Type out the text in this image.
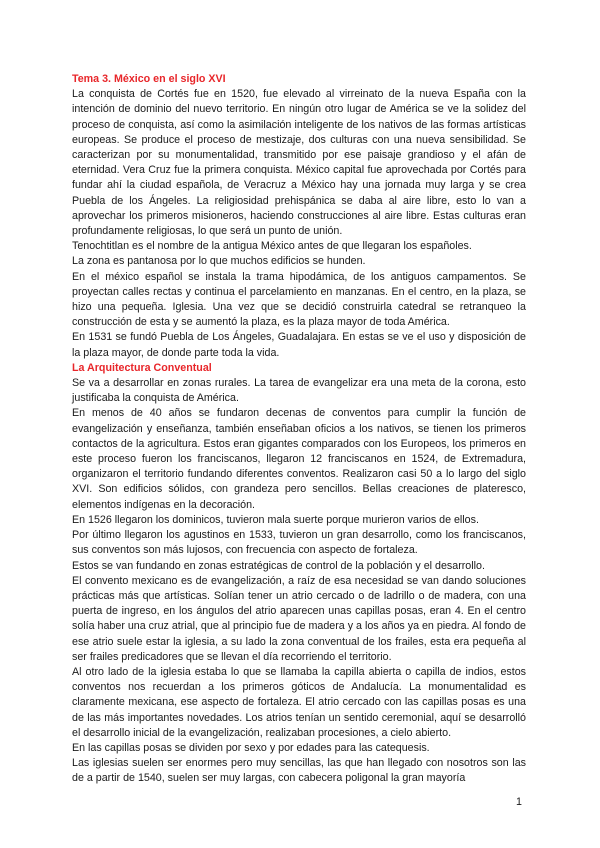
Tema 3. México en el siglo XVI

La conquista de Cortés fue en 1520, fue elevado al virreinato de la nueva España con la intención de dominio del nuevo territorio. En ningún otro lugar de América se ve la solidez del proceso de conquista, así como la asimilación inteligente de los nativos de las formas artísticas europeas. Se produce el proceso de mestizaje, dos culturas con una nueva sensibilidad. Se caracterizan por su monumentalidad, transmitido por ese paisaje grandioso y el afán de eternidad. Vera Cruz fue la primera conquista. México capital fue aprovechada por Cortés para fundar ahí la ciudad española, de Veracruz a México hay una jornada muy larga y se crea Puebla de los Ángeles. La religiosidad prehispánica se daba al aire libre, esto lo van a aprovechar los primeros misioneros, haciendo construcciones al aire libre. Estas culturas eran profundamente religiosas, lo que será un punto de unión.

Tenochtitlan es el nombre de la antigua México antes de que llegaran los españoles.

La zona es pantanosa por lo que muchos edificios se hunden.

En el méxico español se instala la trama hipodámica, de los antiguos campamentos. Se proyectan calles rectas y continua el parcelamiento en manzanas. En el centro, en la plaza, se hizo una pequeña. Iglesia. Una vez que se decidió construirla catedral se retranqueo la construcción de esta y se aumentó la plaza, es la plaza mayor de toda América.

En 1531 se fundó Puebla de Los Ángeles, Guadalajara. En estas se ve el uso y disposición de la plaza mayor, de donde parte toda la vida.

La Arquitectura Conventual

Se va a desarrollar en zonas rurales. La tarea de evangelizar era una meta de la corona, esto justificaba la conquista de América.

En menos de 40 años se fundaron decenas de conventos para cumplir la función de evangelización y enseñanza, también enseñaban oficios a los nativos, se tienen los primeros contactos de la agricultura. Estos eran gigantes comparados con los Europeos, los primeros en este proceso fueron los franciscanos, llegaron 12 franciscanos en 1524, de Extremadura, organizaron el territorio fundando diferentes conventos. Realizaron casi 50 a lo largo del siglo XVI. Son edificios sólidos, con grandeza pero sencillos. Bellas creaciones de plateresco, elementos indígenas en la decoración.

En 1526 llegaron los dominicos, tuvieron mala suerte porque murieron varios de ellos.

Por último llegaron los agustinos en 1533, tuvieron un gran desarrollo, como los franciscanos, sus conventos son más lujosos, con frecuencia con aspecto de fortaleza.

Estos se van fundando en zonas estratégicas de control de la población y el desarrollo.

El convento mexicano es de evangelización, a raíz de esa necesidad se van dando soluciones prácticas más que artísticas. Solían tener un atrio cercado o de ladrillo o de madera, con una puerta de ingreso, en los ángulos del atrio aparecen unas capillas posas, eran 4. En el centro solía haber una cruz atrial, que al principio fue de madera y a los años ya en piedra. Al fondo de ese atrio suele estar la iglesia, a su lado la zona conventual de los frailes, esta era pequeña al ser frailes predicadores que se llevan el día recorriendo el territorio.

Al otro lado de la iglesia estaba lo que se llamaba la capilla abierta o capilla de indios, estos conventos nos recuerdan a los primeros góticos de Andalucía. La monumentalidad es claramente mexicana, ese aspecto de fortaleza. El atrio cercado con las capillas posas es una de las más importantes novedades. Los atrios tenían un sentido ceremonial, aquí se desarrolló el desarrollo inicial de la evangelización, realizaban procesiones, a cielo abierto.

En las capillas posas se dividen por sexo y por edades para las catequesis.

Las iglesias suelen ser enormes pero muy sencillas, las que han llegado con nosotros son las de a partir de 1540, suelen ser muy largas, con cabecera poligonal la gran mayoría

1
